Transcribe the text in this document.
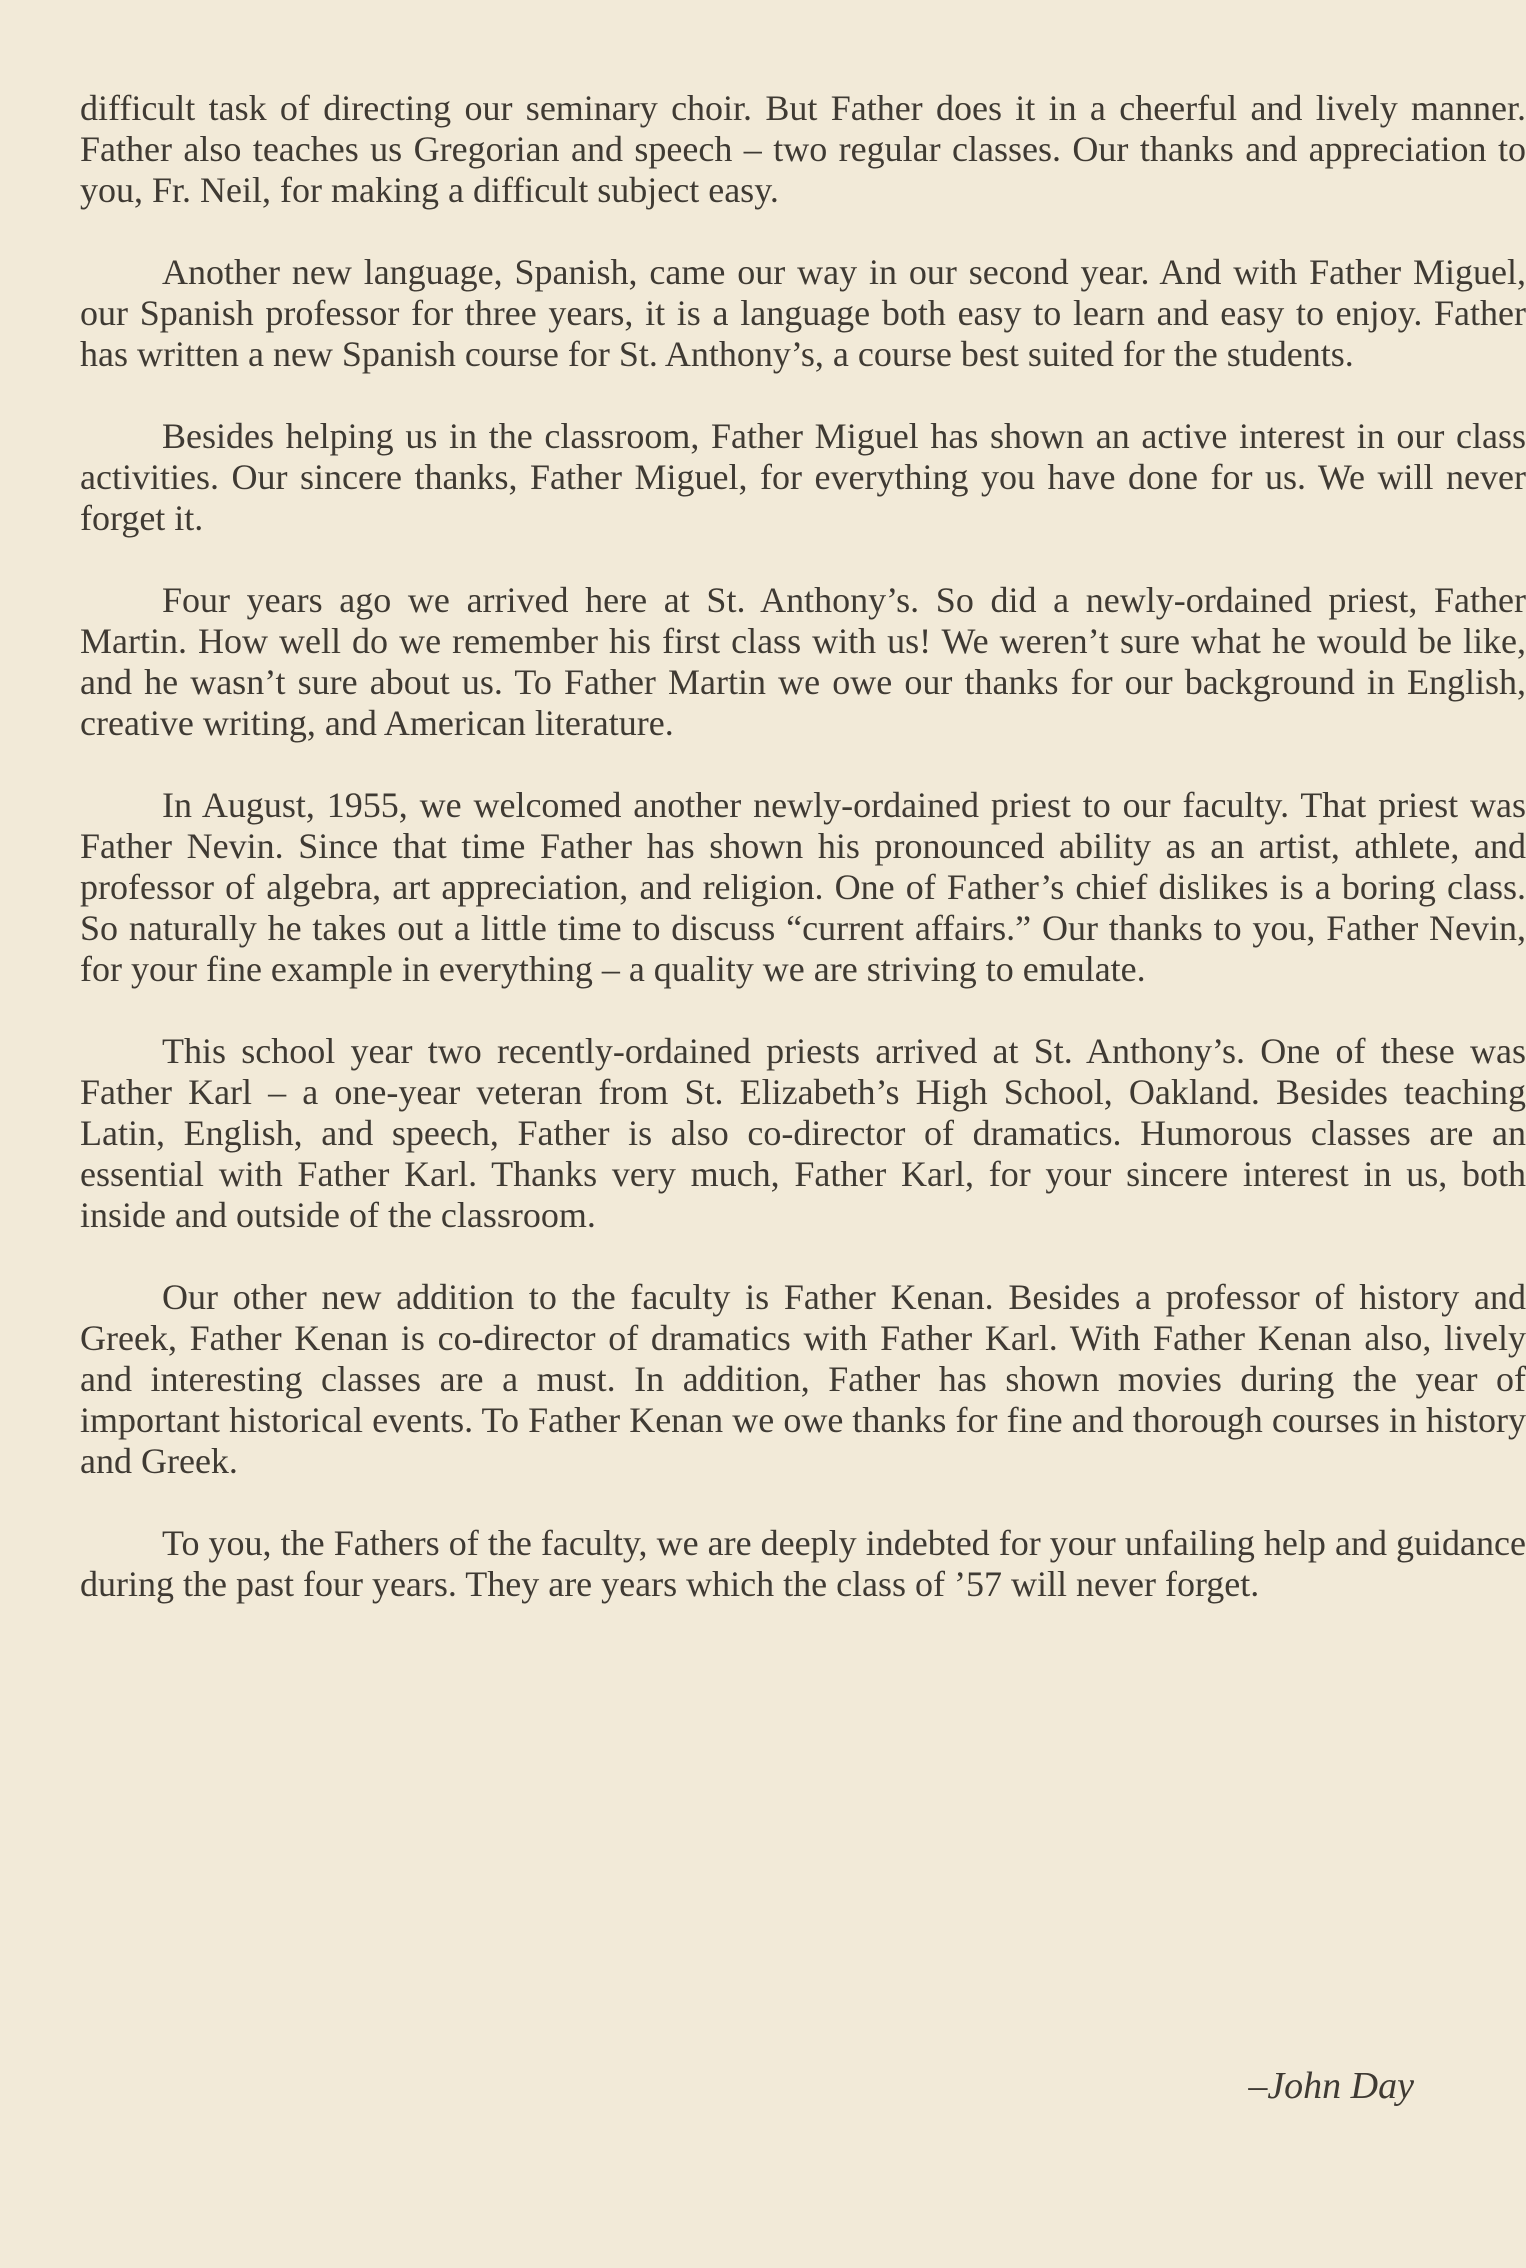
difficult task of directing our seminary choir. But Father does it in a cheerful and lively manner. Father also teaches us Gregorian and speech – two regular classes. Our thanks and appreciation to you, Fr. Neil, for making a difficult subject easy.

Another new language, Spanish, came our way in our second year. And with Father Miguel, our Spanish professor for three years, it is a language both easy to learn and easy to enjoy. Father has written a new Spanish course for St. Anthony’s, a course best suited for the students.

Besides helping us in the classroom, Father Miguel has shown an active interest in our class activities. Our sincere thanks, Father Miguel, for everything you have done for us. We will never forget it.

Four years ago we arrived here at St. Anthony’s. So did a newly-ordained priest, Father Martin. How well do we remember his first class with us! We weren’t sure what he would be like, and he wasn’t sure about us. To Father Martin we owe our thanks for our background in English, creative writing, and American literature.

In August, 1955, we welcomed another newly-ordained priest to our faculty. That priest was Father Nevin. Since that time Father has shown his pronounced ability as an artist, athlete, and professor of algebra, art appreciation, and religion. One of Father’s chief dislikes is a boring class. So naturally he takes out a little time to discuss “current affairs.” Our thanks to you, Father Nevin, for your fine example in everything – a quality we are striving to emulate.

This school year two recently-ordained priests arrived at St. Anthony’s. One of these was Father Karl – a one-year veteran from St. Elizabeth’s High School, Oakland. Besides teaching Latin, English, and speech, Father is also co-director of dramatics. Humorous classes are an essential with Father Karl. Thanks very much, Father Karl, for your sincere interest in us, both inside and outside of the classroom.

Our other new addition to the faculty is Father Kenan. Besides a professor of history and Greek, Father Kenan is co-director of dramatics with Father Karl. With Father Kenan also, lively and interesting classes are a must. In addition, Father has shown movies during the year of important historical events. To Father Kenan we owe thanks for fine and thorough courses in history and Greek.

To you, the Fathers of the faculty, we are deeply indebted for your unfailing help and guidance during the past four years. They are years which the class of ’57 will never forget.

–John Day
